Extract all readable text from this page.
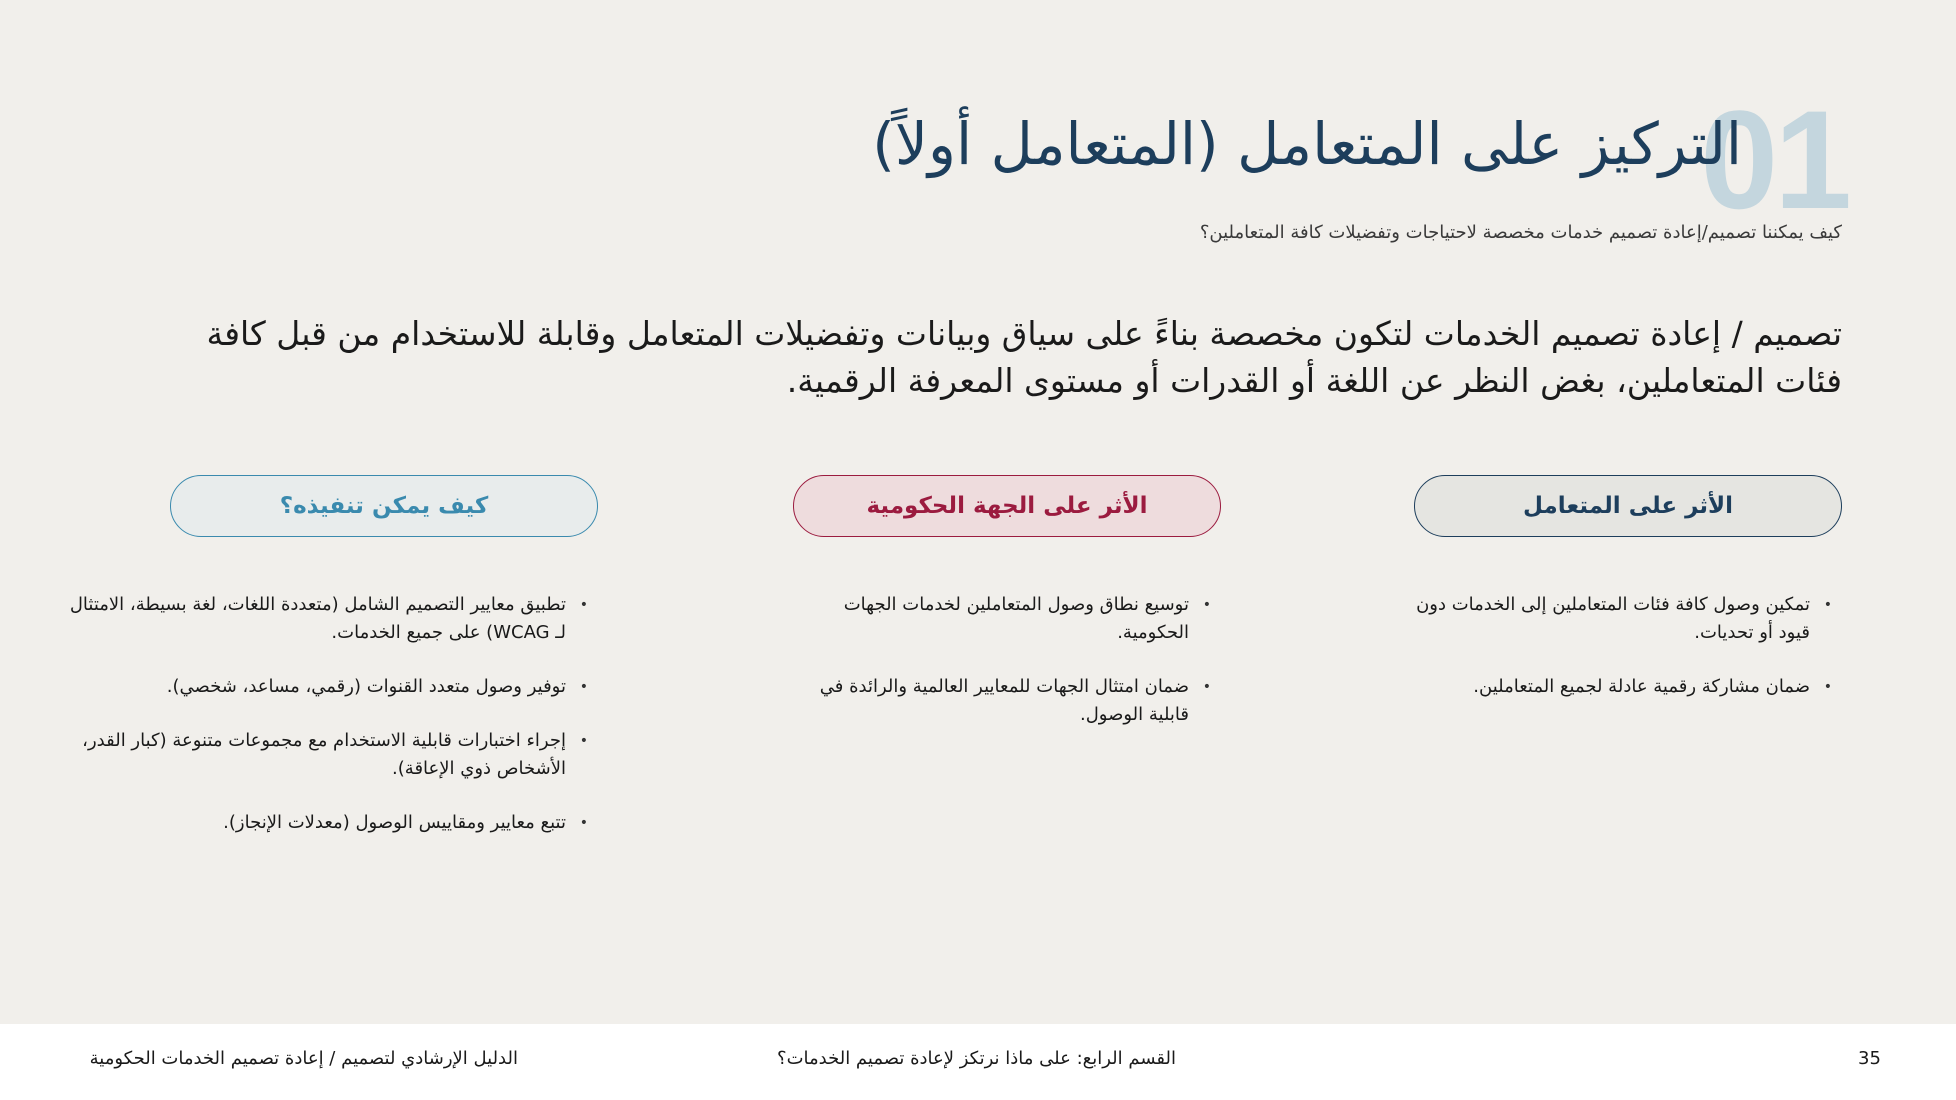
01
التركيز على المتعامل (المتعامل أولاً)

كيف يمكننا تصميم/إعادة تصميم خدمات مخصصة لاحتياجات وتفضيلات كافة المتعاملين؟

تصميم / إعادة تصميم الخدمات لتكون مخصصة بناءً على سياق وبيانات وتفضيلات المتعامل وقابلة للاستخدام من قبل كافة فئات المتعاملين، بغض النظر عن اللغة أو القدرات أو مستوى المعرفة الرقمية.

الأثر على المتعامل
• تمكين وصول كافة فئات المتعاملين إلى الخدمات دون قيود أو تحديات.
• ضمان مشاركة رقمية عادلة لجميع المتعاملين.
الأثر على الجهة الحكومية
• توسيع نطاق وصول المتعاملين لخدمات الجهات الحكومية.
• ضمان امتثال الجهات للمعايير العالمية والرائدة في قابلية الوصول.
كيف يمكن تنفيذه؟
• تطبيق معايير التصميم الشامل (متعددة اللغات، لغة بسيطة، الامتثال لـ WCAG) على جميع الخدمات.
• توفير وصول متعدد القنوات (رقمي، مساعد، شخصي).
• إجراء اختبارات قابلية الاستخدام مع مجموعات متنوعة (كبار القدر، الأشخاص ذوي الإعاقة).
• تتبع معايير ومقاييس الوصول (معدلات الإنجاز).
35
القسم الرابع: على ماذا نرتكز لإعادة تصميم الخدمات؟
الدليل الإرشادي لتصميم / إعادة تصميم الخدمات الحكومية
